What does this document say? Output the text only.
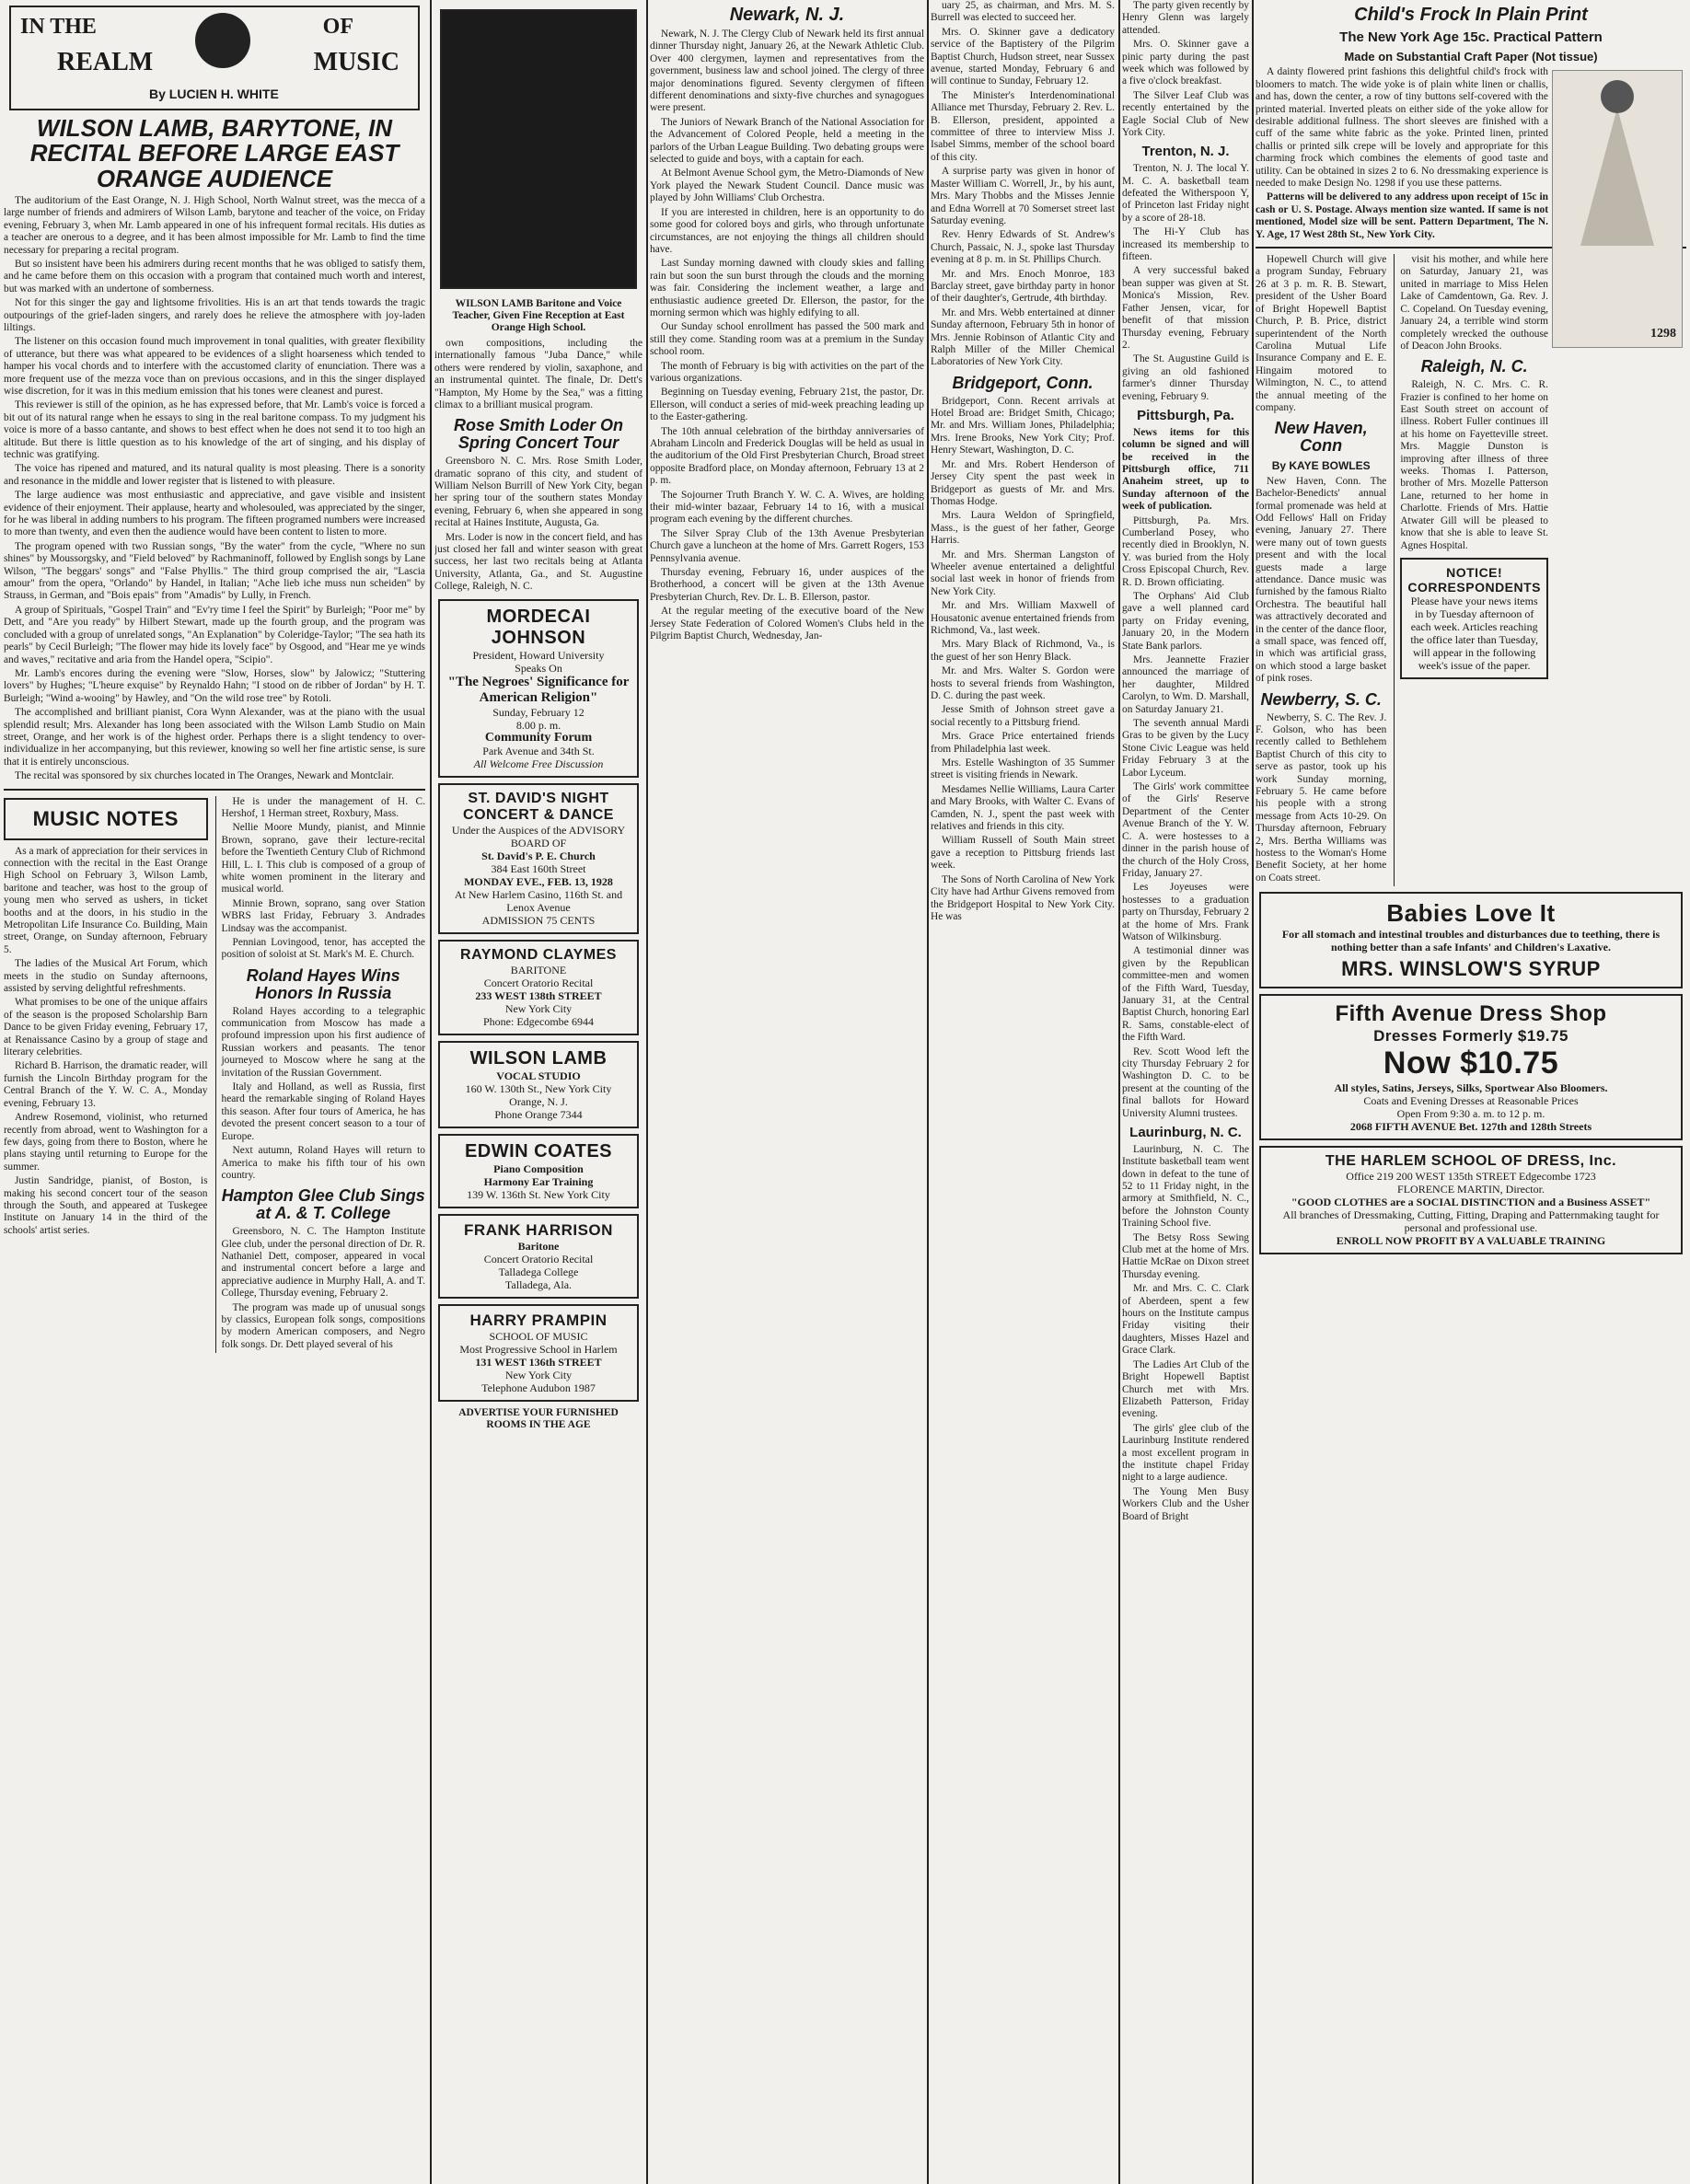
IN THE	OF
REALM	MUSIC
By LUCIEN H. WHITE
WILSON LAMB, BARYTONE, IN RECITAL BEFORE LARGE EAST ORANGE AUDIENCE

The auditorium of the East Orange, N. J. High School, North Walnut street, was the mecca of a large number of friends and admirers of Wilson Lamb, barytone and teacher of the voice, on Friday evening, February 3, when Mr. Lamb appeared in one of his infrequent formal recitals. His duties as a teacher are onerous to a degree, and it has been almost impossible for Mr. Lamb to find the time necessary for preparing a recital program.

But so insistent have been his admirers during recent months that he was obliged to satisfy them, and he came before them on this occasion with a program that contained much worth and interest, but was marked with an undertone of somberness.

Not for this singer the gay and lightsome frivolities. His is an art that tends towards the tragic outpourings of the grief-laden singers, and rarely does he relieve the atmosphere with joy-laden liltings.

The listener on this occasion found much improvement in tonal qualities, with greater flexibility of utterance, but there was what appeared to be evidences of a slight hoarseness which tended to hamper his vocal chords and to interfere with the accustomed clarity of enunciation. There was a more frequent use of the mezza voce than on previous occasions, and in this the singer displayed wise discretion, for it was in this medium emission that his tones were cleanest and purest.

This reviewer is still of the opinion, as he has expressed before, that Mr. Lamb's voice is forced a bit out of its natural range when he essays to sing in the real baritone compass. To my judgment his voice is more of a basso cantante, and shows to best effect when he does not send it to too high an altitude. But there is little question as to his knowledge of the art of singing, and his display of technic was gratifying.

The voice has ripened and matured, and its natural quality is most pleasing. There is a sonority and resonance in the middle and lower register that is listened to with pleasure.

The large audience was most enthusiastic and appreciative, and gave visible and insistent evidence of their enjoyment. Their applause, hearty and wholesouled, was appreciated by the singer, for he was liberal in adding numbers to his program. The fifteen programed numbers were increased to more than twenty, and even then the audience would have been content to listen to more.

The program opened with two Russian songs, "By the water" from the cycle, "Where no sun shines" by Moussorgsky, and "Field beloved" by Rachmaninoff, followed by English songs by Lane Wilson, "The beggars' songs" and "False Phyllis." The third group comprised the air, "Lascia amour" from the opera, "Orlando" by Handel, in Italian; "Ache lieb iche muss nun scheiden" by Strauss, in German, and "Bois epais" from "Amadis" by Lully, in French.

A group of Spirituals, "Gospel Train" and "Ev'ry time I feel the Spirit" by Burleigh; "Poor me" by Dett, and "Are you ready" by Hilbert Stewart, made up the fourth group, and the program was concluded with a group of unrelated songs, "An Explanation" by Coleridge-Taylor; "The sea hath its pearls" by Cecil Burleigh; "The flower may hide its lovely face" by Osgood, and "Hear me ye winds and waves," recitative and aria from the Handel opera, "Scipio".

Mr. Lamb's encores during the evening were "Slow, Horses, slow" by Jalowicz; "Stuttering lovers" by Hughes; "L'heure exquise" by Reynaldo Hahn; "I stood on de ribber of Jordan" by H. T. Burleigh; "Wind a-wooing" by Hawley, and "On the wild rose tree" by Rotoli.

The accomplished and brilliant pianist, Cora Wynn Alexander, was at the piano with the usual splendid result; Mrs. Alexander has long been associated with the Wilson Lamb Studio on Main street, Orange, and her work is of the highest order. Perhaps there is a slight tendency to over-individualize in her accompanying, but this reviewer, knowing so well her fine artistic sense, is sure that it is entirely unconscious.

The recital was sponsored by six churches located in The Oranges, Newark and Montclair.

MUSIC NOTES

As a mark of appreciation for their services in connection with the recital in the East Orange High School on February 3, Wilson Lamb, baritone and teacher, was host to the group of young men who served as ushers, in ticket booths and at the doors, in his studio in the Metropolitan Life Insurance Co. Building, Main street, Orange, on Sunday afternoon, February 5.

The ladies of the Musical Art Forum, which meets in the studio on Sunday afternoons, assisted by serving delightful refreshments.

What promises to be one of the unique affairs of the season is the proposed Scholarship Barn Dance to be given Friday evening, February 17, at Renaissance Casino by a group of stage and literary celebrities.

Richard B. Harrison, the dramatic reader, will furnish the Lincoln Birthday program for the Central Branch of the Y. W. C. A., Monday evening, February 13.

Andrew Rosemond, violinist, who returned recently from abroad, went to Washington for a few days, going from there to Boston, where he plans staying until returning to Europe for the summer.

Justin Sandridge, pianist, of Boston, is making his second concert tour of the season through the South, and appeared at Tuskegee Institute on January 14 in the third of the schools' artist series.

He is under the management of H. C. Hershof, 1 Herman street, Roxbury, Mass.

Nellie Moore Mundy, pianist, and Minnie Brown, soprano, gave their lecture-recital before the Twentieth Century Club of Richmond Hill, L. I. This club is composed of a group of white women prominent in the literary and musical world.

Minnie Brown, soprano, sang over Station WBRS last Friday, February 3. Andrades Lindsay was the accompanist.

Pennian Lovingood, tenor, has accepted the position of soloist at St. Mark's M. E. Church.

Roland Hayes Wins Honors In Russia

Roland Hayes according to a telegraphic communication from Moscow has made a profound impression upon his first audience of Russian workers and peasants. The tenor journeyed to Moscow where he sang at the invitation of the Russian Government.

Italy and Holland, as well as Russia, first heard the remarkable singing of Roland Hayes this season. After four tours of America, he has devoted the present concert season to a tour of Europe.

Next autumn, Roland Hayes will return to America to make his fifth tour of his own country.

Hampton Glee Club Sings at A. & T. College

Greensboro, N. C. The Hampton Institute Glee club, under the personal direction of Dr. R. Nathaniel Dett, composer, appeared in vocal and instrumental concert before a large and appreciative audience in Murphy Hall, A. and T. College, Thursday evening, February 2.

The program was made up of unusual songs by classics, European folk songs, compositions by modern American composers, and Negro folk songs. Dr. Dett played several of his

WILSON LAMB Baritone and Voice Teacher, Given Fine Reception at East Orange High School.

own compositions, including the internationally famous "Juba Dance," while others were rendered by violin, saxaphone, and an instrumental quintet. The finale, Dr. Dett's "Hampton, My Home by the Sea," was a fitting climax to a brilliant musical program.

Rose Smith Loder On Spring Concert Tour

Greensboro N. C. Mrs. Rose Smith Loder, dramatic soprano of this city, and student of William Nelson Burrill of New York City, began her spring tour of the southern states Monday evening, February 6, when she appeared in song recital at Haines Institute, Augusta, Ga.

Mrs. Loder is now in the concert field, and has just closed her fall and winter season with great success, her last two recitals being at Atlanta University, Atlanta, Ga., and St. Augustine College, Raleigh, N. C.

MORDECAI JOHNSON
President, Howard University
Speaks On
"The Negroes' Significance for American Religion"
Sunday, February 12
8.00 p. m.
Community Forum
Park Avenue and 34th St.
All Welcome Free Discussion
ST. DAVID'S NIGHT
CONCERT & DANCE
Under the Auspices of the ADVISORY BOARD OF
St. David's P. E. Church
384 East 160th Street
MONDAY EVE., FEB. 13, 1928
At New Harlem Casino, 116th St. and Lenox Avenue
ADMISSION 75 CENTS
RAYMOND CLAYMES
BARITONE
Concert Oratorio Recital
233 WEST 138th STREET
New York City
Phone: Edgecombe 6944
WILSON LAMB
VOCAL STUDIO
160 W. 130th St., New York City
Orange, N. J.
Phone Orange 7344
EDWIN COATES
Piano Composition
Harmony Ear Training
139 W. 136th St. New York City
FRANK HARRISON
Baritone
Concert Oratorio Recital
Talladega College
Talladega, Ala.
HARRY PRAMPIN
SCHOOL OF MUSIC
Most Progressive School in Harlem
131 WEST 136th STREET
New York City
Telephone Audubon 1987
ADVERTISE YOUR FURNISHED ROOMS IN THE AGE
Newark, N. J.

Newark, N. J. The Clergy Club of Newark held its first annual dinner Thursday night, January 26, at the Newark Athletic Club. Over 400 clergymen, laymen and representatives from the government, business law and school joined. The clergy of three major denominations figured. Seventy clergymen of fifteen different denominations and sixty-five churches and synagogues were present.

The Juniors of Newark Branch of the National Association for the Advancement of Colored People, held a meeting in the parlors of the Urban League Building. Two debating groups were selected to guide and boys, with a captain for each.

At Belmont Avenue School gym, the Metro-Diamonds of New York played the Newark Student Council. Dance music was played by John Williams' Club Orchestra.

If you are interested in children, here is an opportunity to do some good for colored boys and girls, who through unfortunate circumstances, are not enjoying the things all children should have.

Last Sunday morning dawned with cloudy skies and falling rain but soon the sun burst through the clouds and the morning was fair. Considering the inclement weather, a large and enthusiastic audience greeted Dr. Ellerson, the pastor, for the morning sermon which was highly edifying to all.

Our Sunday school enrollment has passed the 500 mark and still they come. Standing room was at a premium in the Sunday school room.

The month of February is big with activities on the part of the various organizations.

Beginning on Tuesday evening, February 21st, the pastor, Dr. Ellerson, will conduct a series of mid-week preaching leading up to the Easter-gathering.

The 10th annual celebration of the birthday anniversaries of Abraham Lincoln and Frederick Douglas will be held as usual in the auditorium of the Old First Presbyterian Church, Broad street opposite Bradford place, on Monday afternoon, February 13 at 2 p. m.

The Sojourner Truth Branch Y. W. C. A. Wives, are holding their mid-winter bazaar, February 14 to 16, with a musical program each evening by the different churches.

The Silver Spray Club of the 13th Avenue Presbyterian Church gave a luncheon at the home of Mrs. Garrett Rogers, 153 Pennsylvania avenue.

Thursday evening, February 16, under auspices of the Brotherhood, a concert will be given at the 13th Avenue Presbyterian Church, Rev. Dr. L. B. Ellerson, pastor.

At the regular meeting of the executive board of the New Jersey State Federation of Colored Women's Clubs held in the Pilgrim Baptist Church, Wednesday, Jan-

uary 25, as chairman, and Mrs. M. S. Burrell was elected to succeed her.

Mrs. O. Skinner gave a dedicatory service of the Baptistery of the Pilgrim Baptist Church, Hudson street, near Sussex avenue, started Monday, February 6 and will continue to Sunday, February 12.

The Minister's Interdenominational Alliance met Thursday, February 2. Rev. L. B. Ellerson, president, appointed a committee of three to interview Miss J. Isabel Simms, member of the school board of this city.

A surprise party was given in honor of Master William C. Worrell, Jr., by his aunt, Mrs. Mary Thobbs and the Misses Jennie and Edna Worrell at 70 Somerset street last Saturday evening.

Rev. Henry Edwards of St. Andrew's Church, Passaic, N. J., spoke last Thursday evening at 8 p. m. in St. Phillips Church.

Mr. and Mrs. Enoch Monroe, 183 Barclay street, gave birthday party in honor of their daughter's, Gertrude, 4th birthday.

Mr. and Mrs. Webb entertained at dinner Sunday afternoon, February 5th in honor of Mrs. Jennie Robinson of Atlantic City and Ralph Miller of the Miller Chemical Laboratories of New York City.

Bridgeport, Conn.

Bridgeport, Conn. Recent arrivals at Hotel Broad are: Bridget Smith, Chicago; Mr. and Mrs. William Jones, Philadelphia; Mrs. Irene Brooks, New York City; Prof. Henry Stewart, Washington, D. C.

Mr. and Mrs. Robert Henderson of Jersey City spent the past week in Bridgeport as guests of Mr. and Mrs. Thomas Hodge.

Mrs. Laura Weldon of Springfield, Mass., is the guest of her father, George Harris.

Mr. and Mrs. Sherman Langston of Wheeler avenue entertained a delightful social last week in honor of friends from New York City.

Mr. and Mrs. William Maxwell of Housatonic avenue entertained friends from Richmond, Va., last week.

Mrs. Mary Black of Richmond, Va., is the guest of her son Henry Black.

Mr. and Mrs. Walter S. Gordon were hosts to several friends from Washington, D. C. during the past week.

Jesse Smith of Johnson street gave a social recently to a Pittsburg friend.

Mrs. Grace Price entertained friends from Philadelphia last week.

Mrs. Estelle Washington of 35 Summer street is visiting friends in Newark.

Mesdames Nellie Williams, Laura Carter and Mary Brooks, with Walter C. Evans of Camden, N. J., spent the past week with relatives and friends in this city.

William Russell of South Main street gave a reception to Pittsburg friends last week.

The Sons of North Carolina of New York City have had Arthur Givens removed from the Bridgeport Hospital to New York City. He was

The party given recently by Henry Glenn was largely attended.

Mrs. O. Skinner gave a pinic party during the past week which was followed by a five o'clock breakfast.

The Silver Leaf Club was recently entertained by the Eagle Social Club of New York City.

Trenton, N. J.

Trenton, N. J. The local Y. M. C. A. basketball team defeated the Witherspoon Y, of Princeton last Friday night by a score of 28-18.

The Hi-Y Club has increased its membership to fifteen.

A very successful baked bean supper was given at St. Monica's Mission, Rev. Father Jensen, vicar, for benefit of that mission Thursday evening, February 2.

The St. Augustine Guild is giving an old fashioned farmer's dinner Thursday evening, February 9.

Pittsburgh, Pa.

News items for this column be signed and will be received in the Pittsburgh office, 711 Anaheim street, up to Sunday afternoon of the week of publication.

Pittsburgh, Pa. Mrs. Cumberland Posey, who recently died in Brooklyn, N. Y. was buried from the Holy Cross Episcopal Church, Rev. R. D. Brown officiating.

The Orphans' Aid Club gave a well planned card party on Friday evening, January 20, in the Modern State Bank parlors.

Mrs. Jeannette Frazier announced the marriage of her daughter, Mildred Carolyn, to Wm. D. Marshall, on Saturday January 21.

The seventh annual Mardi Gras to be given by the Lucy Stone Civic League was held Friday February 3 at the Labor Lyceum.

The Girls' work committee of the Girls' Reserve Department of the Center Avenue Branch of the Y. W. C. A. were hostesses to a dinner in the parish house of the church of the Holy Cross, Friday, January 27.

Les Joyeuses were hostesses to a graduation party on Thursday, February 2 at the home of Mrs. Frank Watson of Wilkinsburg.

A testimonial dinner was given by the Republican committee-men and women of the Fifth Ward, Tuesday, January 31, at the Central Baptist Church, honoring Earl R. Sams, constable-elect of the Fifth Ward.

Rev. Scott Wood left the city Thursday February 2 for Washington D. C. to be present at the counting of the final ballots for Howard University Alumni trustees.

Laurinburg, N. C.

Laurinburg, N. C. The Institute basketball team went down in defeat to the tune of 52 to 11 Friday night, in the armory at Smithfield, N. C., before the Johnston County Training School five.

The Betsy Ross Sewing Club met at the home of Mrs. Hattie McRae on Dixon street Thursday evening.

Mr. and Mrs. C. C. Clark of Aberdeen, spent a few hours on the Institute campus Friday visiting their daughters, Misses Hazel and Grace Clark.

The Ladies Art Club of the Bright Hopewell Baptist Church met with Mrs. Elizabeth Patterson, Friday evening.

The girls' glee club of the Laurinburg Institute rendered a most excellent program in the institute chapel Friday night to a large audience.

The Young Men Busy Workers Club and the Usher Board of Bright

Child's Frock In Plain Print
The New York Age 15c. Practical Pattern
Made on Substantial Craft Paper (Not tissue)
1298

A dainty flowered print fashions this delightful child's frock with bloomers to match. The wide yoke is of plain white linen or challis, and has, down the center, a row of tiny buttons self-covered with the printed material. Inverted pleats on either side of the yoke allow for desirable additional fullness. The short sleeves are finished with a cuff of the same white fabric as the yoke. Printed linen, printed challis or printed silk crepe will be lovely and appropriate for this charming frock which combines the elements of good taste and utility. Can be obtained in sizes 2 to 6. No dressmaking experience is needed to make Design No. 1298 if you use these patterns.

Patterns will be delivered to any address upon receipt of 15c in cash or U. S. Postage. Always mention size wanted. If same is not mentioned, Model size will be sent. Pattern Department, The N. Y. Age, 17 West 28th St., New York City.

Hopewell Church will give a program Sunday, February 26 at 3 p. m. R. B. Stewart, president of the Usher Board of Bright Hopewell Baptist Church, P. B. Price, district superintendent of the North Carolina Mutual Life Insurance Company and E. E. Hingaim motored to Wilmington, N. C., to attend the annual meeting of the company.

New Haven, Conn
By KAYE BOWLES

New Haven, Conn. The Bachelor-Benedicts' annual formal promenade was held at Odd Fellows' Hall on Friday evening, January 27. There were many out of town guests present and with the local guests made a large attendance. Dance music was furnished by the famous Rialto Orchestra. The beautiful hall was attractively decorated and in the center of the dance floor, a small space, was fenced off, in which was artificial grass, on which stood a large basket of pink roses.

Newberry, S. C.

Newberry, S. C. The Rev. J. F. Golson, who has been recently called to Bethlehem Baptist Church of this city to serve as pastor, took up his work Sunday morning, February 5. He came before his people with a strong message from Acts 10-29. On Thursday afternoon, February 2, Mrs. Bertha Williams was hostess to the Woman's Home Benefit Society, at her home on Coats street.

visit his mother, and while here on Saturday, January 21, was united in marriage to Miss Helen Lake of Camdentown, Ga. Rev. J. C. Copeland. On Tuesday evening, January 24, a terrible wind storm completely wrecked the outhouse of Deacon John Brooks.

Raleigh, N. C.

Raleigh, N. C. Mrs. C. R. Frazier is confined to her home on East South street on account of illness. Robert Fuller continues ill at his home on Fayetteville street. Mrs. Maggie Dunston is improving after illness of three weeks. Thomas I. Patterson, brother of Mrs. Mozelle Patterson Lane, returned to her home in Charlotte. Friends of Mrs. Hattie Atwater Gill will be pleased to know that she is able to leave St. Agnes Hospital.

NOTICE! CORRESPONDENTS
Please have your news items in by Tuesday afternoon of each week. Articles reaching the office later than Tuesday, will appear in the following week's issue of the paper.
Babies Love It
For all stomach and intestinal troubles and disturbances due to teething, there is nothing better than a safe Infants' and Children's Laxative.
MRS. WINSLOW'S SYRUP
Fifth Avenue Dress Shop
Dresses Formerly $19.75
Now $10.75
All styles, Satins, Jerseys, Silks, Sportwear Also Bloomers.
Coats and Evening Dresses at Reasonable Prices
Open From 9:30 a. m. to 12 p. m.
2068 FIFTH AVENUE Bet. 127th and 128th Streets
THE HARLEM SCHOOL OF DRESS, Inc.
Office 219 200 WEST 135th STREET Edgecombe 1723
FLORENCE MARTIN, Director.
"GOOD CLOTHES are a SOCIAL DISTINCTION and a Business ASSET"
All branches of Dressmaking, Cutting, Fitting, Draping and Patternmaking taught for personal and professional use.
ENROLL NOW PROFIT BY A VALUABLE TRAINING
